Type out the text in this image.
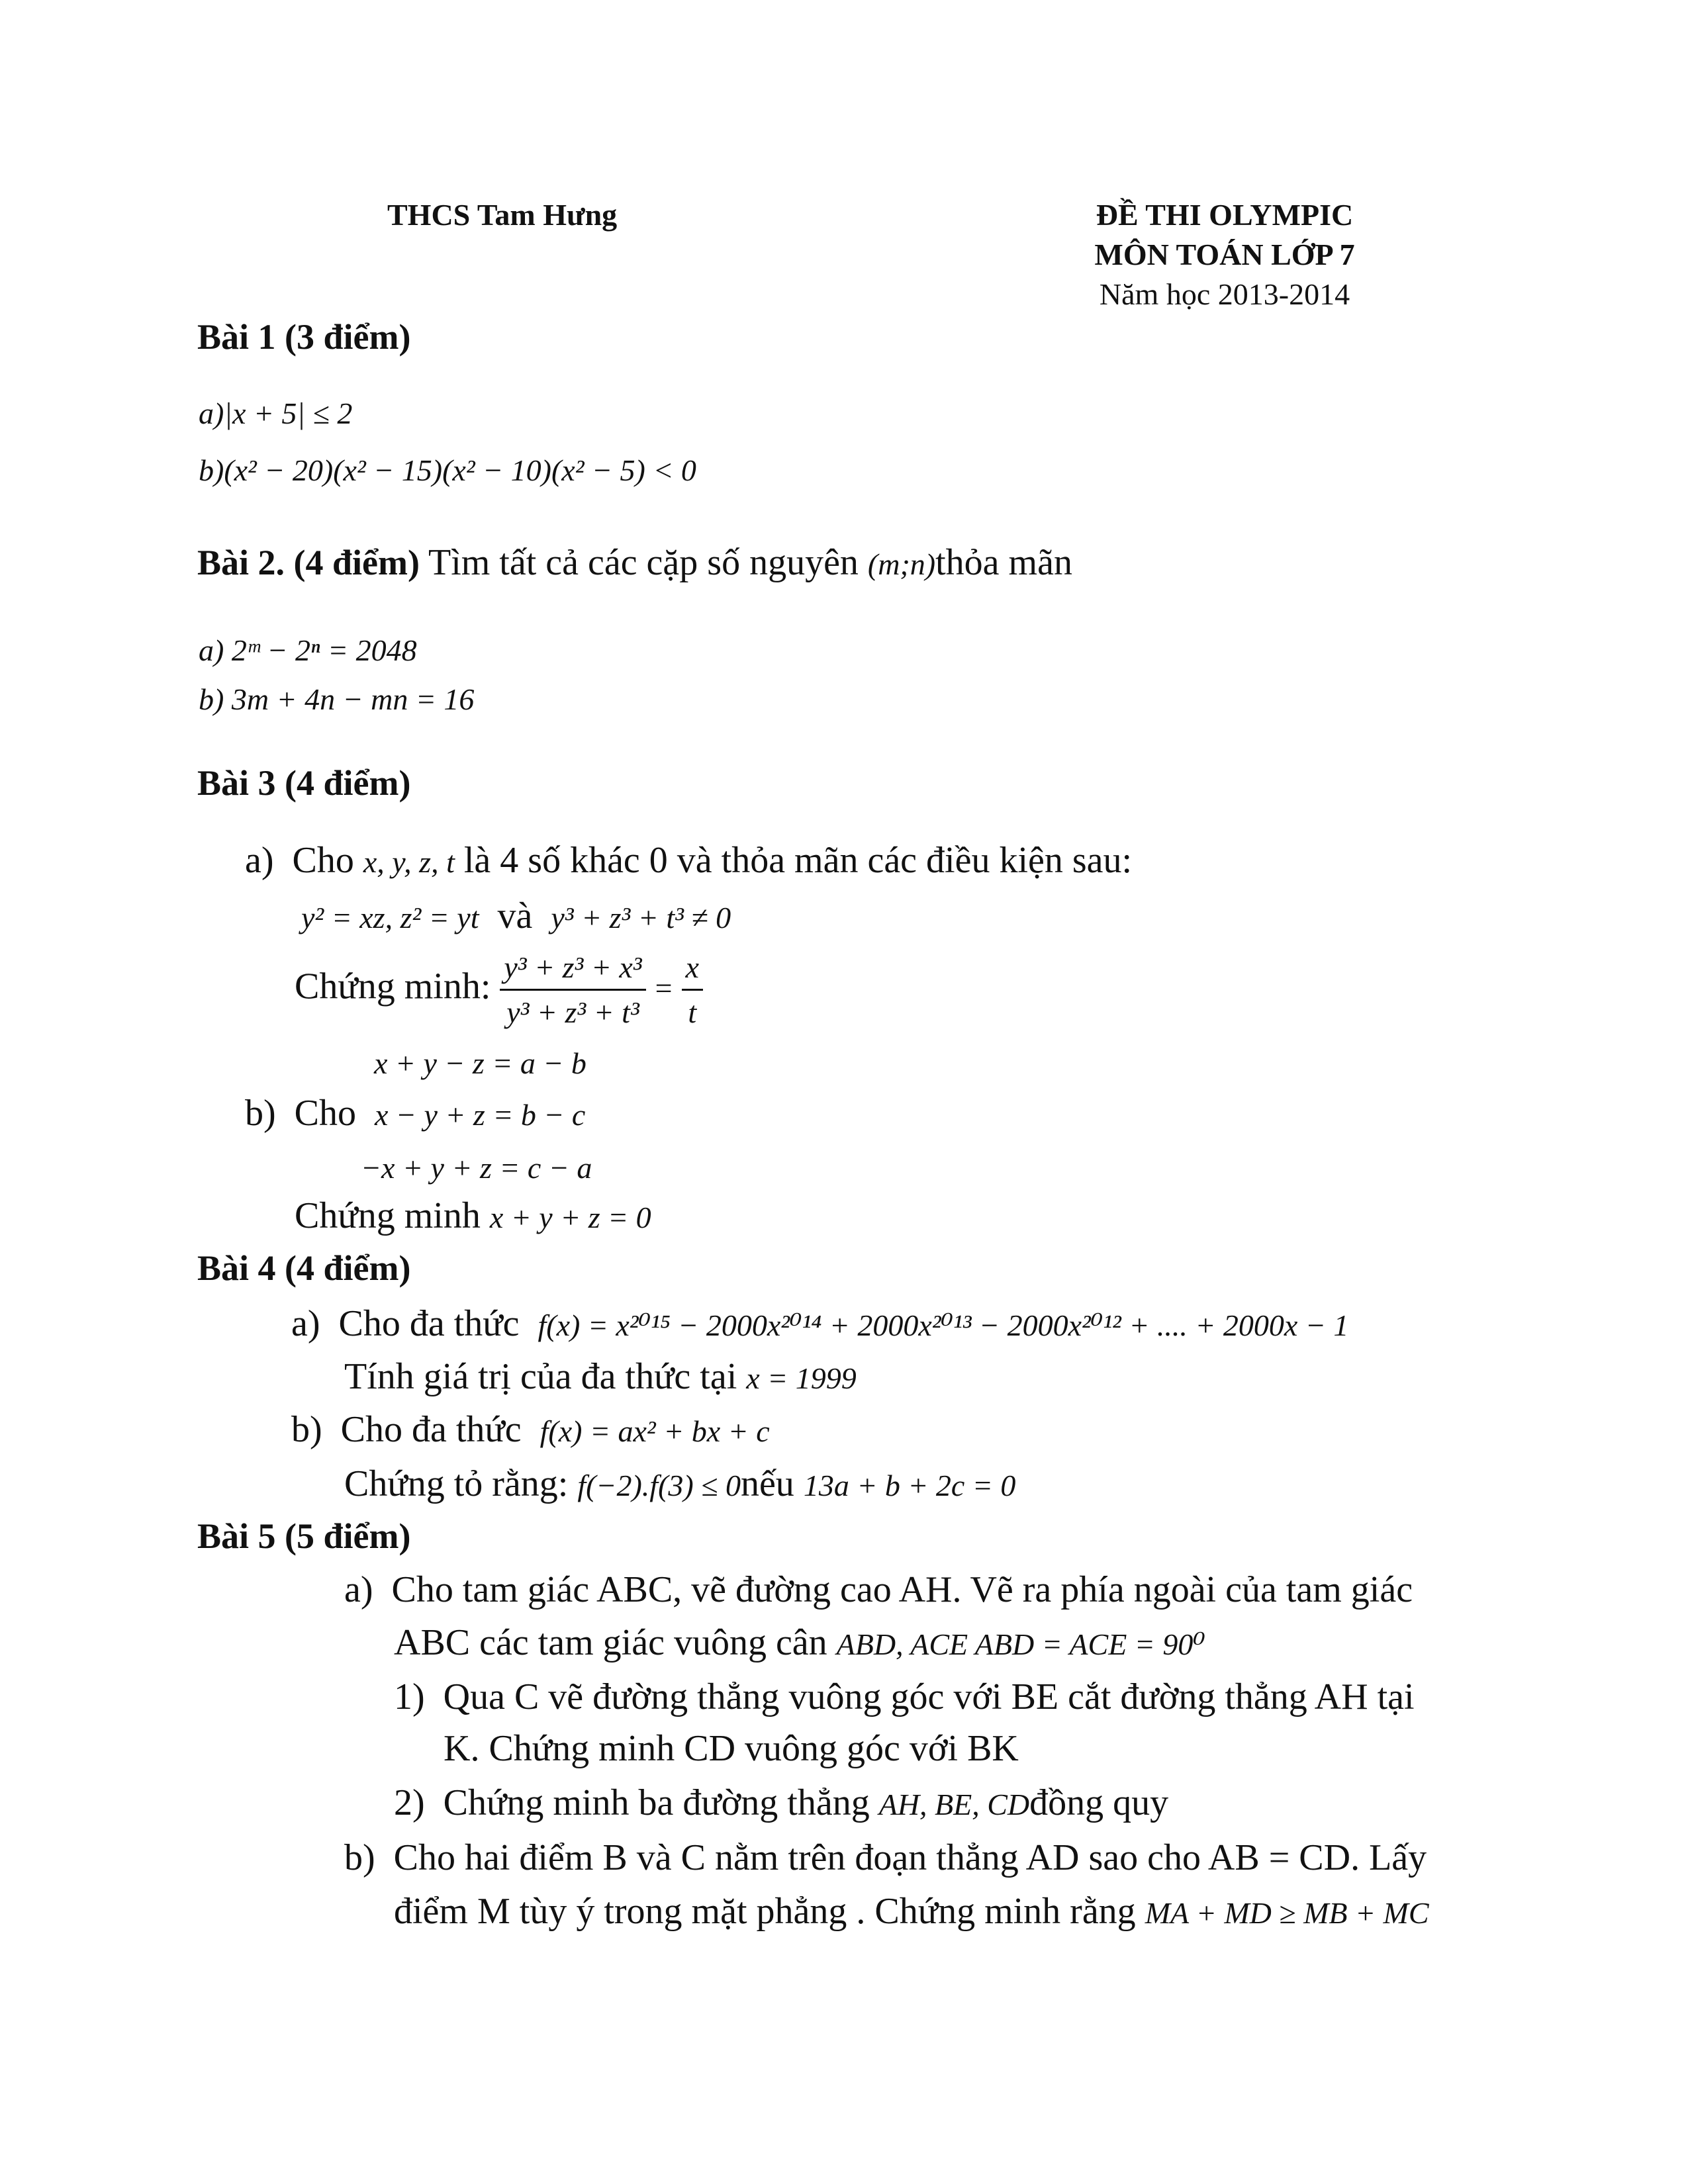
THCS Tam Hưng	ĐỀ THI OLYMPIC
MÔN TOÁN LỚP 7
Năm học 2013-2014
Bài 1 (3 điểm)
a)|x + 5| ≤ 2
b)(x² − 20)(x² − 15)(x² − 10)(x² − 5) < 0
Bài 2. (4 điểm) Tìm tất cả các cặp số nguyên (m;n)thỏa mãn
a) 2ᵐ − 2ⁿ = 2048
b) 3m + 4n − mn = 16
Bài 3 (4 điểm)
a) Cho x, y, z, t là 4 số khác 0 và thỏa mãn các điều kiện sau:
y² = xz, z² = yt và y³ + z³ + t³ ≠ 0
Chứng minh: $\frac{\text{y³ + z³ + x³}}{\text{y³ + z³ + t³}} = \frac{x}{t}$
x + y − z = a − b
b) Cho x − y + z = b − c
−x + y + z = c − a
Chứng minh x + y + z = 0
Bài 4 (4 điểm)
a) Cho đa thức f(x) = x²⁰¹⁵ − 2000x²⁰¹⁴ + 2000x²⁰¹³ − 2000x²⁰¹² + .... + 2000x − 1
Tính giá trị của đa thức tại x = 1999
b) Cho đa thức f(x) = ax² + bx + c
Chứng tỏ rằng: f(−2).f(3) ≤ 0nếu 13a + b + 2c = 0
Bài 5 (5 điểm)
a) Cho tam giác ABC, vẽ đường cao AH. Vẽ ra phía ngoài của tam giác
ABC các tam giác vuông cân ABD, ACE ABD = ACE = 90⁰
1) Qua C vẽ đường thẳng vuông góc với BE cắt đường thẳng AH tại
K. Chứng minh CD vuông góc với BK
2) Chứng minh ba đường thẳng AH, BE, CDđồng quy
b) Cho hai điểm B và C nằm trên đoạn thẳng AD sao cho AB = CD. Lấy
điểm M tùy ý trong mặt phẳng . Chứng minh rằng MA + MD ≥ MB + MC
